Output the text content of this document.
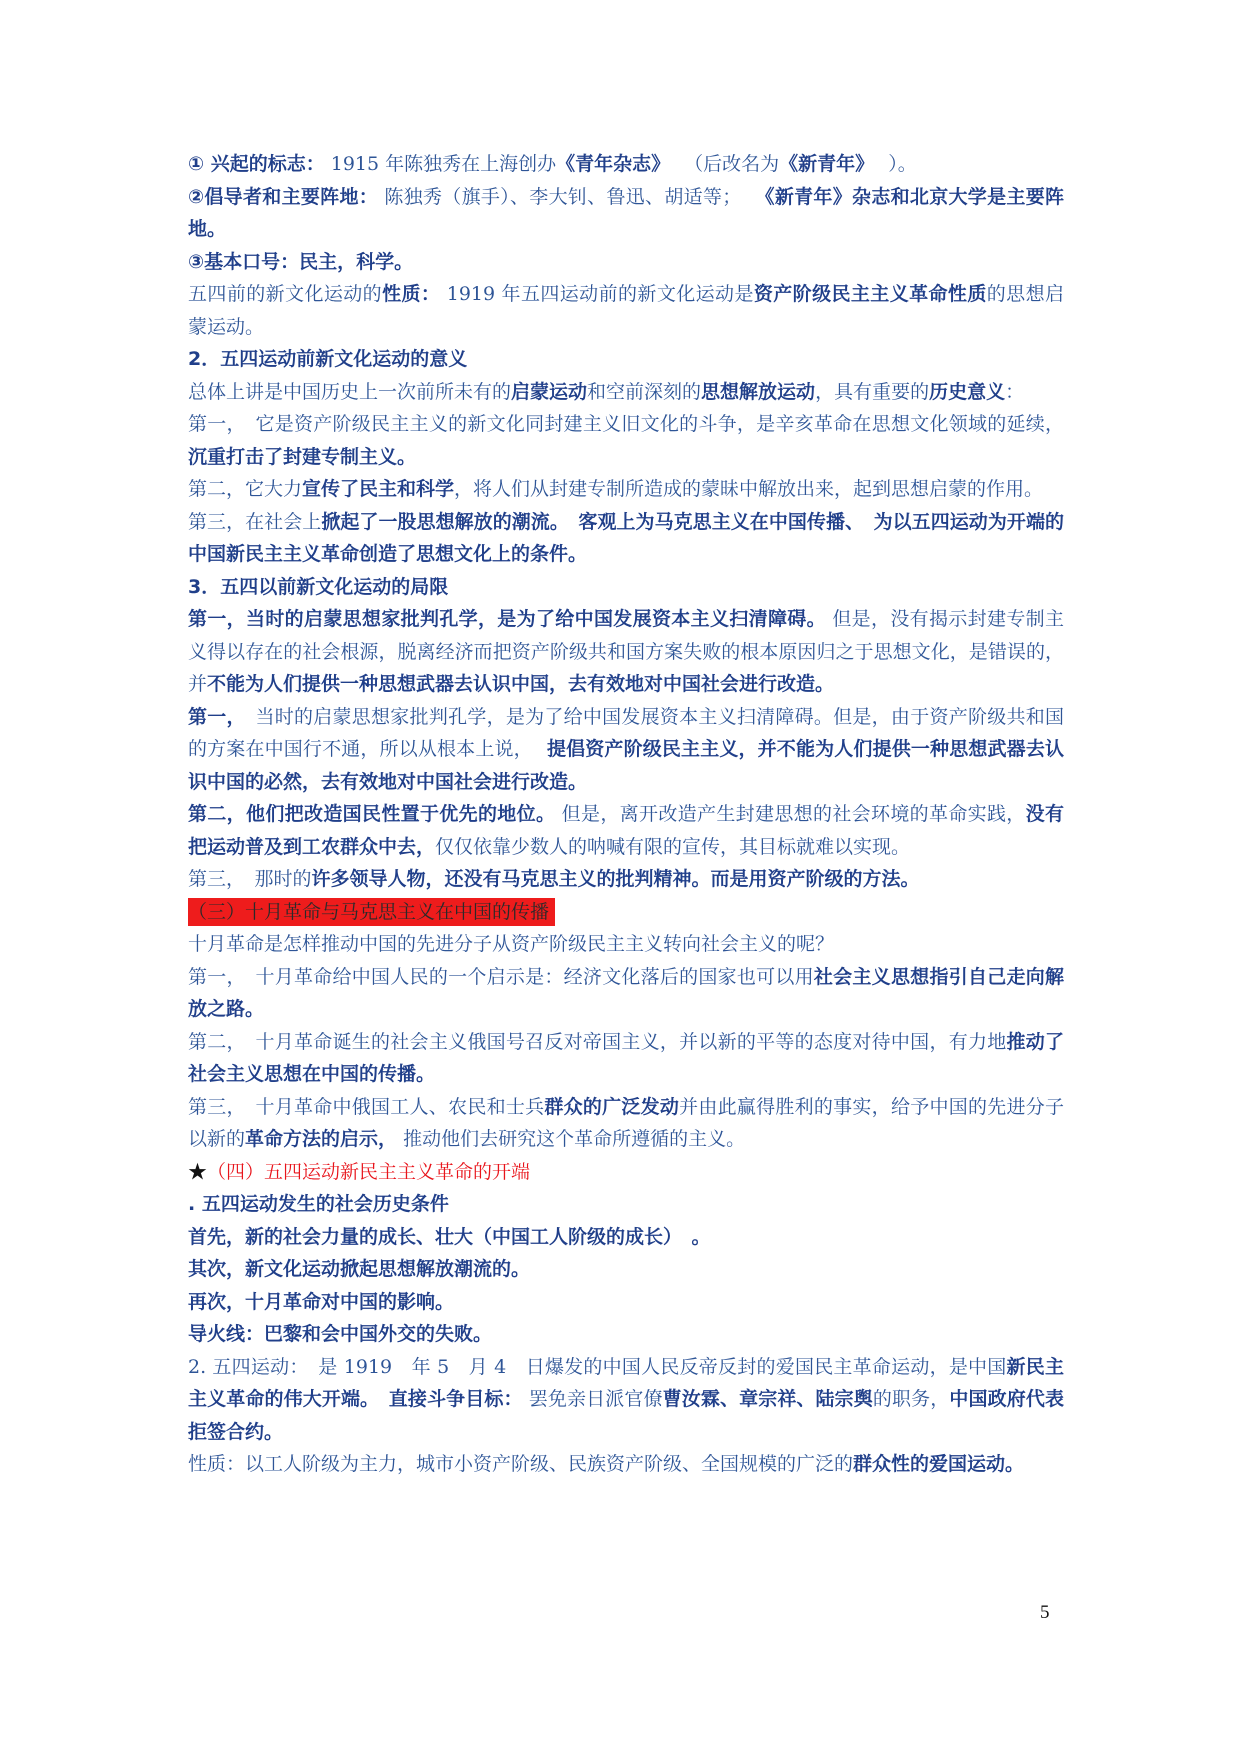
① 兴起的标志： 1915 年陈独秀在上海创办《青年杂志》 （后改名为《新青年》 ）。

②倡导者和主要阵地： 陈独秀（旗手）、李大钊、鲁迅、胡适等； 《新青年》杂志和北京大学是主要阵地。

③基本口号：民主，科学。

五四前的新文化运动的性质： 1919 年五四运动前的新文化运动是资产阶级民主主义革命性质的思想启蒙运动。

2．五四运动前新文化运动的意义

总体上讲是中国历史上一次前所未有的启蒙运动和空前深刻的思想解放运动，具有重要的历史意义：

第一，　它是资产阶级民主主义的新文化同封建主义旧文化的斗争，是辛亥革命在思想文化领域的延续，沉重打击了封建专制主义。

第二，它大力宣传了民主和科学，将人们从封建专制所造成的蒙昧中解放出来，起到思想启蒙的作用。

第三，在社会上掀起了一股思想解放的潮流。　客观上为马克思主义在中国传播、　为以五四运动为开端的中国新民主主义革命创造了思想文化上的条件。

3．五四以前新文化运动的局限

第一，当时的启蒙思想家批判孔学，是为了给中国发展资本主义扫清障碍。 但是，没有揭示封建专制主义得以存在的社会根源，脱离经济而把资产阶级共和国方案失败的根本原因归之于思想文化，是错误的，并不能为人们提供一种思想武器去认识中国，去有效地对中国社会进行改造。

第一，　当时的启蒙思想家批判孔学，是为了给中国发展资本主义扫清障碍。但是，由于资产阶级共和国的方案在中国行不通，所以从根本上说， 提倡资产阶级民主主义，并不能为人们提供一种思想武器去认识中国的必然，去有效地对中国社会进行改造。

第二，他们把改造国民性置于优先的地位。 但是，离开改造产生封建思想的社会环境的革命实践，没有把运动普及到工农群众中去，仅仅依靠少数人的呐喊有限的宣传，其目标就难以实现。

第三，　那时的许多领导人物，还没有马克思主义的批判精神。而是用资产阶级的方法。

（三）十月革命与马克思主义在中国的传播

十月革命是怎样推动中国的先进分子从资产阶级民主主义转向社会主义的呢？

第一，　十月革命给中国人民的一个启示是：经济文化落后的国家也可以用社会主义思想指引自己走向解放之路。

第二，　十月革命诞生的社会主义俄国号召反对帝国主义，并以新的平等的态度对待中国，有力地推动了社会主义思想在中国的传播。

第三，　十月革命中俄国工人、农民和士兵群众的广泛发动并由此赢得胜利的事实，给予中国的先进分子以新的革命方法的启示， 推动他们去研究这个革命所遵循的主义。

★（四）五四运动新民主主义革命的开端

. 五四运动发生的社会历史条件

首先，新的社会力量的成长、壮大（中国工人阶级的成长）　。

其次，新文化运动掀起思想解放潮流的。

再次，十月革命对中国的影响。

导火线：巴黎和会中国外交的失败。

2. 五四运动：　是 1919　年 5　月 4　日爆发的中国人民反帝反封的爱国民主革命运动，是中国新民主主义革命的伟大开端。　直接斗争目标： 罢免亲日派官僚曹汝霖、章宗祥、陆宗舆的职务，中国政府代表拒签合约。

性质：以工人阶级为主力，城市小资产阶级、民族资产阶级、全国规模的广泛的群众性的爱国运动。

5
